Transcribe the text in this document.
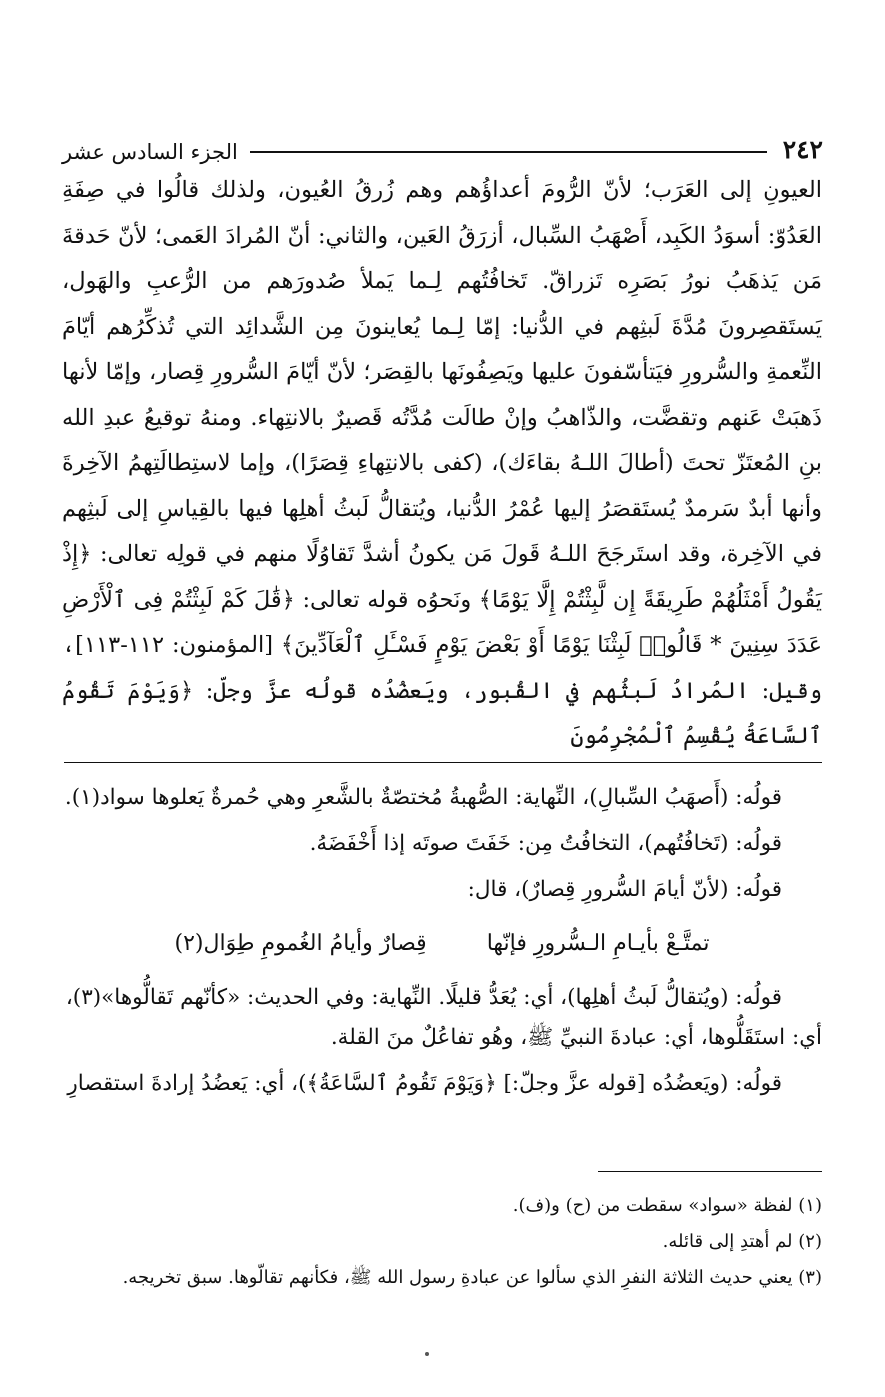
٢٤٢
الجزء السادس عشر

العيونِ إلى العَرَب؛ لأنّ الرُّومَ أعداؤُهم وهم زُرقُ العُيون، ولذلك قالُوا في صِفَةِ العَدُوّ: أسوَدُ الكَبِد، أَصْهَبُ السِّبال، أزرَقُ العَين، والثاني: أنّ المُرادَ العَمى؛ لأنّ حَدقةَ مَن يَذهَبُ نورُ بَصَرِه تَزراقّ. تَخافُتُهم لِـما يَملأ صُدورَهم من الرُّعبِ والهَول، يَستَقصِرونَ مُدَّةَ لَبثِهم في الدُّنيا: إمّا لِـما يُعاينونَ مِن الشَّدائِد التي تُذكِّرُهم أيّامَ النِّعمةِ والسُّرورِ فيَتأسّفونَ عليها ويَصِفُونَها بالقِصَر؛ لأنّ أيّامَ السُّرورِ قِصار، وإمّا لأنها ذَهبَتْ عَنهم وتقضَّت، والذّاهبُ وإنْ طالَت مُدَّتُه قَصيرٌ بالانتِهاء. ومنهُ توقيعُ عبدِ الله بنِ المُعتَزّ تحتَ (أطالَ اللـهُ بقاءَك)، (كفى بالانتِهاءِ قِصَرًا)، وإما لاستِطالَتِهمُ الآخِرةَ وأنها أبدٌ سَرمدٌ يُستَقصَرُ إليها عُمْرُ الدُّنيا، ويُتقالُّ لَبثُ أهلِها فيها بالقِياسِ إلى لَبثِهم في الآخِرة، وقد استَرجَحَ اللـهُ قَولَ مَن يكونُ أشدَّ تَقاوُلًا منهم في قولِه تعالى: ﴿إِذْ يَقُولُ أَمْثَلُهُمْ طَرِيقَةً إِن لَّبِثْتُمْ إِلَّا يَوْمًا﴾ ونَحوُه قوله تعالى: ﴿قَٰلَ كَمْ لَبِثْتُمْ فِى ٱلْأَرْضِ عَدَدَ سِنِينَ * قَالُوا۟ لَبِثْنَا يَوْمًا أَوْ بَعْضَ يَوْمٍ فَسْـَٔلِ ٱلْعَآدِّينَ﴾ [المؤمنون: ١١٢-١١٣]، وقيل: المُرادُ لَبثُهم في القُبور، ويَعضُدُه قولُه عزَّ وجلّ: ﴿وَيَوْمَ تَقُومُ ٱلسَّاعَةُ يُقْسِمُ ٱلْمُجْرِمُونَ

قولُه: (أَصهَبُ السِّبالِ)، النِّهاية: الصُّهبةُ مُختصّةٌ بالشَّعرِ وهي حُمرةٌ يَعلوها سواد(١).

قولُه: (تَخافُتُهم)، التخافُتُ مِن: خَفَتَ صوتَه إذا أَخْفَضَهُ.

قولُه: (لأنّ أيامَ السُّرورِ قِصارٌ)، قال:

تمتَّـعْ بأيـامِ الـسُّرورِ فإنّها
قِصارٌ وأيامُ الغُمومِ طِوَال(٢)

قولُه: (ويُتقالُّ لَبثُ أهلِها)، أي: يُعَدُّ قليلًا. النِّهاية: وفي الحديث: «كأنّهم تَقالُّوها»(٣)، أي: استَقَلُّوها، أي: عبادةَ النبيِّ ﷺ، وهُو تفاعُلٌ منَ القلة.

قولُه: (ويَعضُدُه [قوله عزَّ وجلّ:] ﴿وَيَوْمَ تَقُومُ ٱلسَّاعَةُ﴾)، أي: يَعضُدُ إرادةَ استقصارِ

(١) لفظة «سواد» سقطت من (ح) و(ف).

(٢) لم أهتدِ إلى قائله.

(٣) يعني حديث الثلاثة النفرِ الذي سألوا عن عبادةِ رسول الله ﷺ، فكأنهم تقالّوها. سبق تخريجه.
